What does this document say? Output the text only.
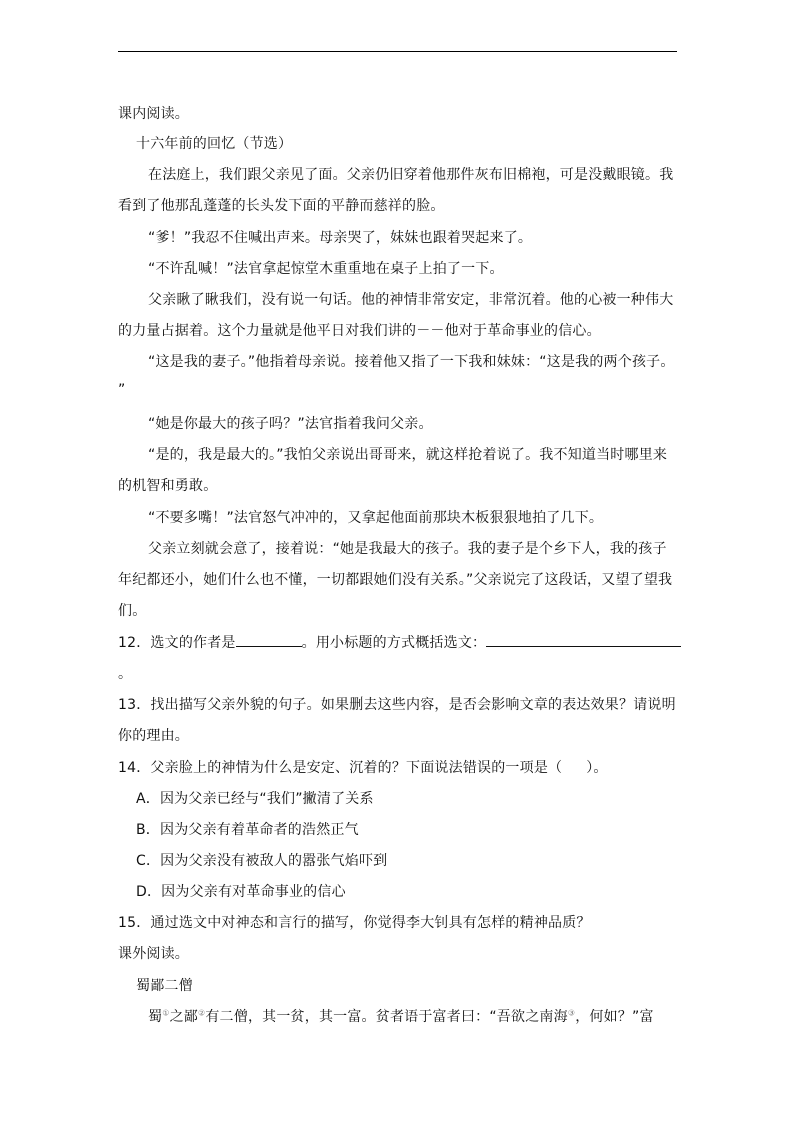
课内阅读。
十六年前的回忆（节选）
在法庭上，我们跟父亲见了面。父亲仍旧穿着他那件灰布旧棉袍，可是没戴眼镜。我
看到了他那乱蓬蓬的长头发下面的平静而慈祥的脸。
“爹！”我忍不住喊出声来。母亲哭了，妹妹也跟着哭起来了。
“不许乱喊！”法官拿起惊堂木重重地在桌子上拍了一下。
父亲瞅了瞅我们，没有说一句话。他的神情非常安定，非常沉着。他的心被一种伟大
的力量占据着。这个力量就是他平日对我们讲的－－他对于革命事业的信心。
“这是我的妻子。”他指着母亲说。接着他又指了一下我和妹妹：“这是我的两个孩子。
”
“她是你最大的孩子吗？”法官指着我问父亲。
“是的，我是最大的。”我怕父亲说出哥哥来，就这样抢着说了。我不知道当时哪里来
的机智和勇敢。
“不要多嘴！”法官怒气冲冲的，又拿起他面前那块木板狠狠地拍了几下。
父亲立刻就会意了，接着说：“她是我最大的孩子。我的妻子是个乡下人，我的孩子
年纪都还小，她们什么也不懂，一切都跟她们没有关系。”父亲说完了这段话，又望了望我
们。
12．选文的作者是	。用小标题的方式概括选文：
。
13．找出描写父亲外貌的句子。如果删去这些内容，是否会影响文章的表达效果？请说明
你的理由。
14．父亲脸上的神情为什么是安定、沉着的？下面说法错误的一项是（ ）。
A．因为父亲已经与“我们”撇清了关系
B．因为父亲有着革命者的浩然正气
C．因为父亲没有被敌人的嚣张气焰吓到
D．因为父亲有对革命事业的信心
15．通过选文中对神态和言行的描写，你觉得李大钊具有怎样的精神品质？
课外阅读。
蜀鄙二僧
蜀①之鄙②有二僧，其一贫，其一富。贫者语于富者曰：“吾欲之南海③，何如？”富
